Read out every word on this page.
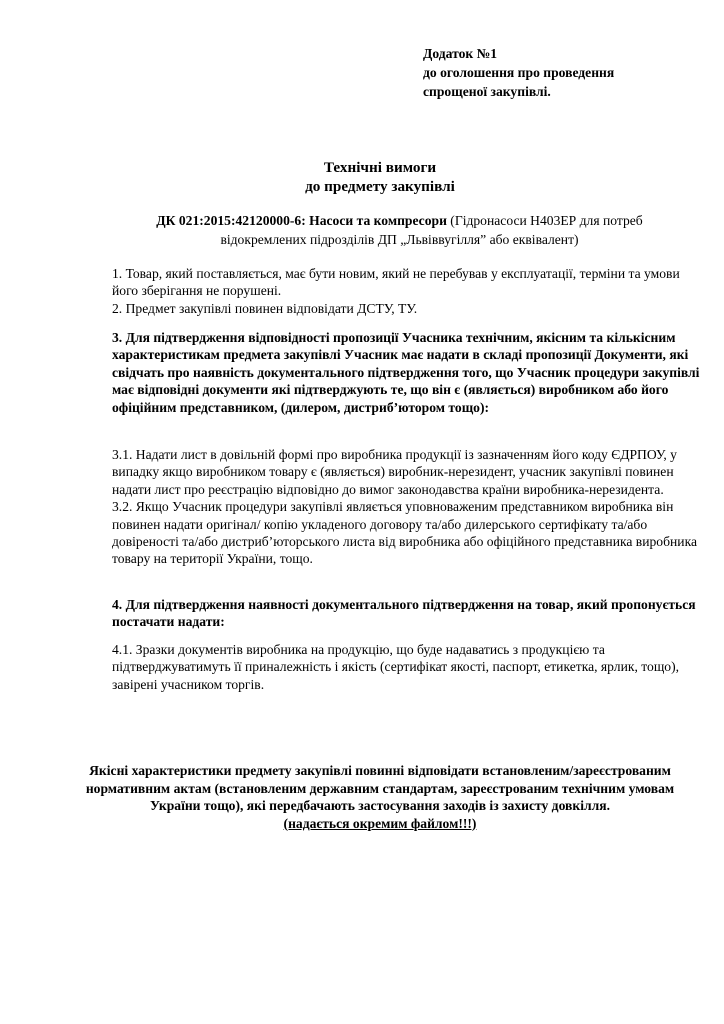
Додаток №1
до оголошення про проведення
спрощеної закупівлі.
Технічні вимоги
до предмету закупівлі
ДК 021:2015:42120000-6: Насоси та компресори (Гідронасоси Н403ЕР для потреб відокремлених підрозділів ДП „Львіввугілля” або еквівалент)

1. Товар, який поставляється, має бути новим, який не перебував у експлуатації, терміни та умови його зберігання не порушені.

2. Предмет закупівлі повинен відповідати ДСТУ, ТУ.

3. Для підтвердження відповідності пропозиції Учасника технічним, якісним та кількісним характеристикам предмета закупівлі Учасник має надати в складі пропозиції Документи, які свідчать про наявність документального підтвердження того, що Учасник процедури закупівлі має відповідні документи які підтверджують те, що він є (являється) виробником або його офіційним представником, (дилером, дистриб’ютором тощо):

3.1. Надати лист в довільній формі про виробника продукції із зазначенням його коду ЄДРПОУ, у випадку якщо виробником товару є (являється) виробник-нерезидент, учасник закупівлі повинен надати лист про реєстрацію відповідно до вимог законодавства країни виробника-нерезидента.

3.2. Якщо Учасник процедури закупівлі являється уповноваженим представником виробника він повинен надати оригінал/ копію укладеного договору та/або дилерського сертифікату та/або довіреності та/або дистриб’юторського листа від виробника або офіційного представника виробника товару на території України, тощо.

4. Для підтвердження наявності документального підтвердження на товар, який пропонується постачати надати:

4.1. Зразки документів виробника на продукцію, що буде надаватись з продукцією та підтверджуватимуть її приналежність і якість (сертифікат якості, паспорт, етикетка, ярлик, тощо), завірені учасником торгів.

Якісні характеристики предмету закупівлі повинні відповідати встановленим/зареєстрованим нормативним актам (встановленим державним стандартам, зареєстрованим технічним умовам України тощо), які передбачають застосування заходів із захисту довкілля.
(надається окремим файлом!!!)
